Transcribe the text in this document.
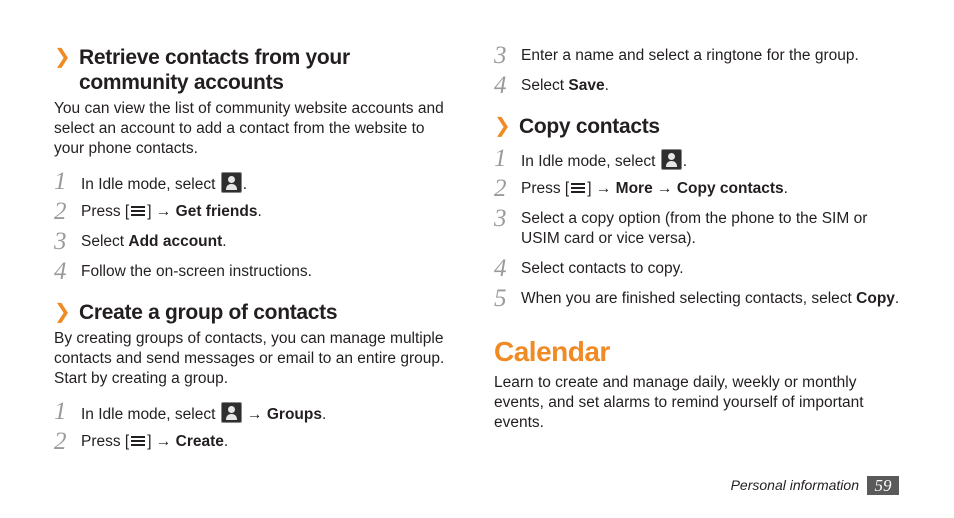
❯ Retrieve contacts from your community accounts
You can view the list of community website accounts and select an account to add a contact from the website to your phone contacts.
1 In Idle mode, select .
2 Press [ ] → Get friends.
3 Select Add account.
4 Follow the on-screen instructions.
❯ Create a group of contacts
By creating groups of contacts, you can manage multiple contacts and send messages or email to an entire group. Start by creating a group.
1 In Idle mode, select  → Groups.
2 Press [ ] → Create.
3 Enter a name and select a ringtone for the group.
4 Select Save.
❯ Copy contacts
1 In Idle mode, select .
2 Press [ ] → More → Copy contacts.
3 Select a copy option (from the phone to the SIM or USIM card or vice versa).
4 Select contacts to copy.
5 When you are finished selecting contacts, select Copy.
Calendar
Learn to create and manage daily, weekly or monthly events, and set alarms to remind yourself of important events.
Personal information 59
